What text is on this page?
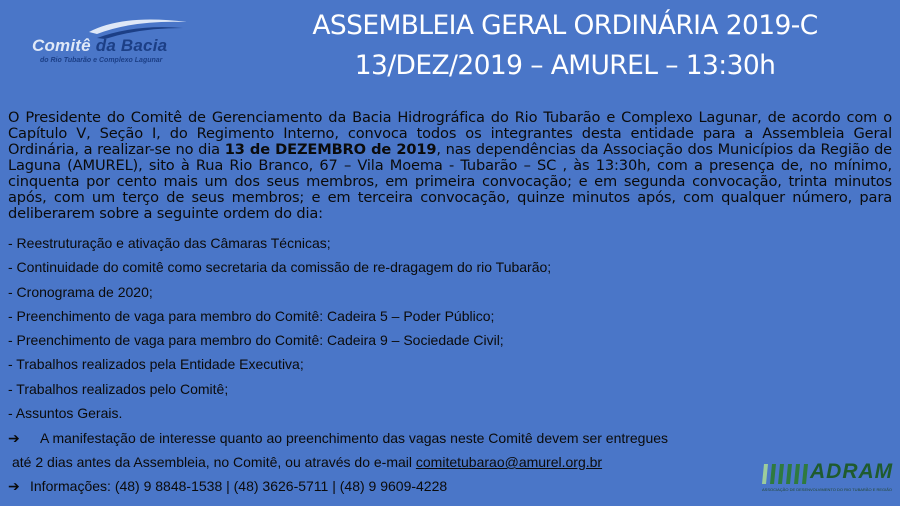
Comitê da Bacia
do Rio Tubarão e Complexo Lagunar
ASSEMBLEIA GERAL ORDINÁRIA 2019-C
13/DEZ/2019 – AMUREL – 13:30h
O Presidente do Comitê de Gerenciamento da Bacia Hidrográfica do Rio Tubarão e Complexo Lagunar, de acordo com o Capítulo V, Seção I, do Regimento Interno, convoca todos os integrantes desta entidade para a Assembleia Geral Ordinária, a realizar-se no dia 13 de DEZEMBRO de 2019, nas dependências da Associação dos Municípios da Região de Laguna (AMUREL), sito à Rua Rio Branco, 67 – Vila Moema - Tubarão – SC , às 13:30h, com a presença de, no mínimo, cinquenta por cento mais um dos seus membros, em primeira convocação; e em segunda convocação, trinta minutos após, com um terço de seus membros; e em terceira convocação, quinze minutos após, com qualquer número, para deliberarem sobre a seguinte ordem do dia:
- Reestruturação e ativação das Câmaras Técnicas;
- Continuidade do comitê como secretaria da comissão de re-dragagem do rio Tubarão;
- Cronograma de 2020;
- Preenchimento de vaga para membro do Comitê: Cadeira 5 – Poder Público;
- Preenchimento de vaga para membro do Comitê: Cadeira 9 – Sociedade Civil;
- Trabalhos realizados pela Entidade Executiva;
- Trabalhos realizados pelo Comitê;
- Assuntos Gerais.
➔ A manifestação de interesse quanto ao preenchimento das vagas neste Comitê devem ser entregues
até 2 dias antes da Assembleia, no Comitê, ou através do e-mail comitetubarao@amurel.org.br
➔ Informações: (48) 9 8848-1538 | (48) 3626-5711 | (48) 9 9609-4228
ADRAM
ASSOCIAÇÃO DE DESENVOLVIMENTO DO RIO TUBARÃO E REGIÃO
